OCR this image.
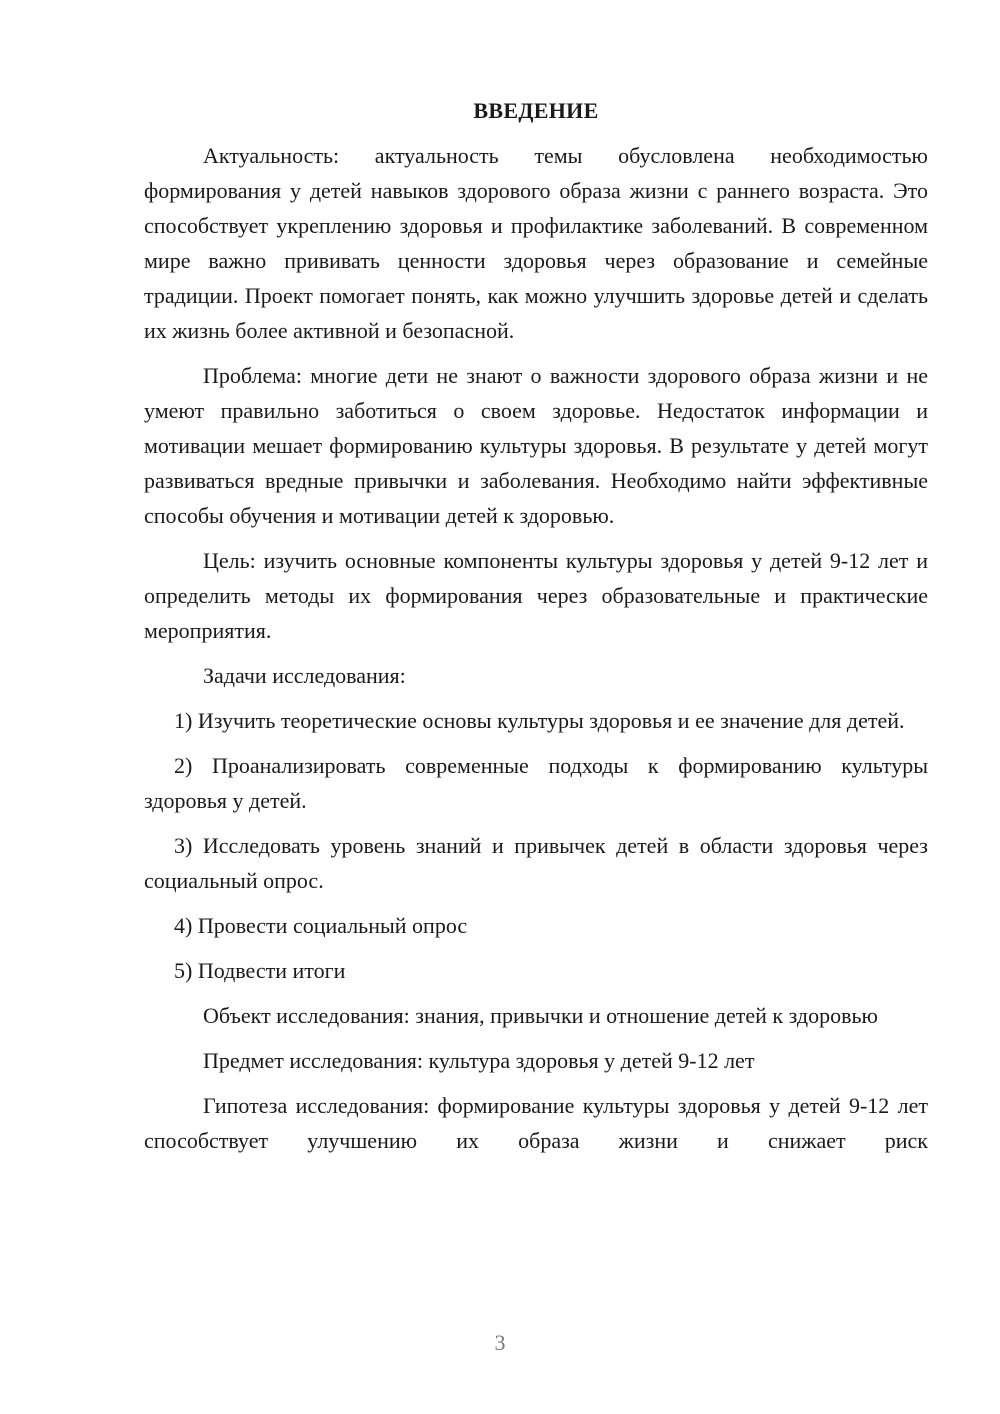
ВВЕДЕНИЕ

Актуальность: актуальность темы обусловлена необходимостью формирования у детей навыков здорового образа жизни с раннего возраста. Это способствует укреплению здоровья и профилактике заболеваний. В современном мире важно прививать ценности здоровья через образование и семейные традиции. Проект помогает понять, как можно улучшить здоровье детей и сделать их жизнь более активной и безопасной.

Проблема: многие дети не знают о важности здорового образа жизни и не умеют правильно заботиться о своем здоровье. Недостаток информации и мотивации мешает формированию культуры здоровья. В результате у детей могут развиваться вредные привычки и заболевания. Необходимо найти эффективные способы обучения и мотивации детей к здоровью.

Цель: изучить основные компоненты культуры здоровья у детей 9-12 лет и определить методы их формирования через образовательные и практические мероприятия.

Задачи исследования:

1) Изучить теоретические основы культуры здоровья и ее значение для детей.

2) Проанализировать современные подходы к формированию культуры здоровья у детей.

3) Исследовать уровень знаний и привычек детей в области здоровья через социальный опрос.

4) Провести социальный опрос

5) Подвести итоги

Объект исследования: знания, привычки и отношение детей к здоровью

Предмет исследования: культура здоровья у детей 9-12 лет

Гипотеза исследования: формирование культуры здоровья у детей 9-12 лет способствует улучшению их образа жизни и снижает риск

3
